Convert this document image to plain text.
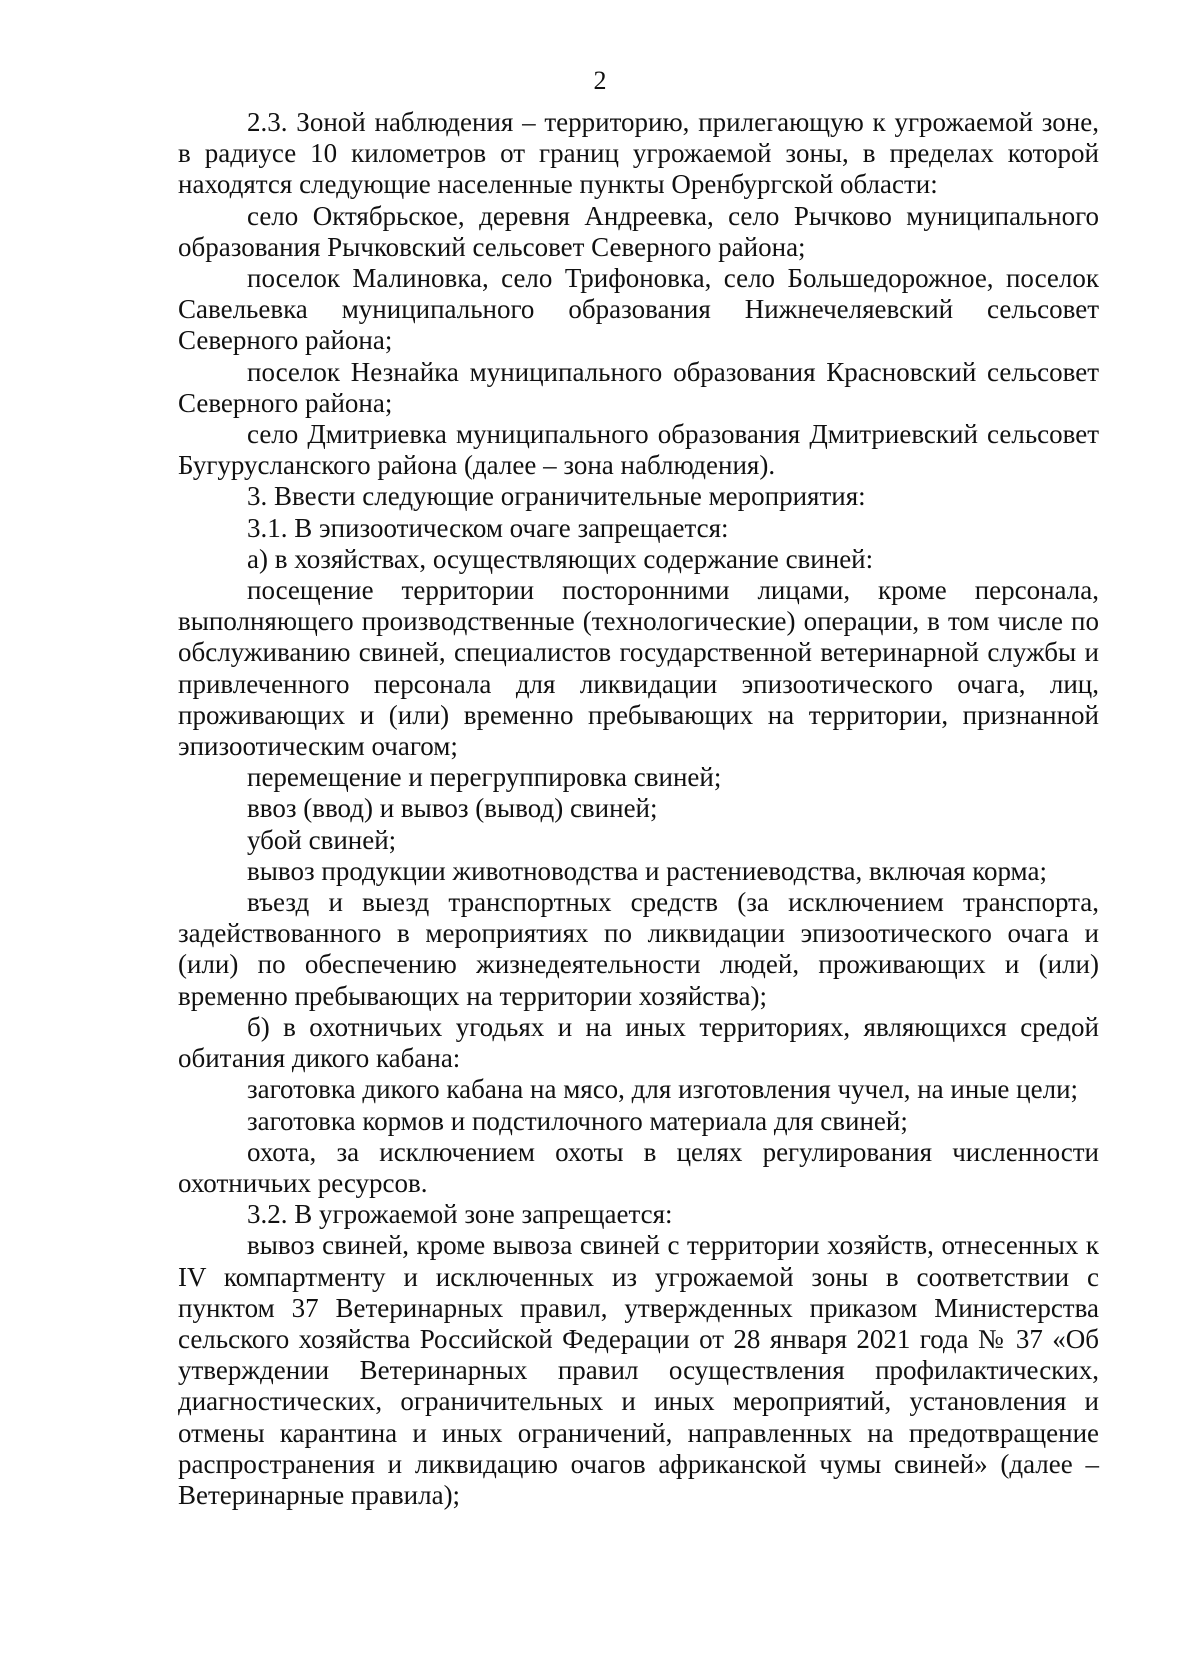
2

2.3. Зоной наблюдения – территорию, прилегающую к угрожаемой зоне, в радиусе 10 километров от границ угрожаемой зоны, в пределах которой находятся следующие населенные пункты Оренбургской области:

село Октябрьское, деревня Андреевка, село Рычково муниципального образования Рычковский сельсовет Северного района;

поселок Малиновка, село Трифоновка, село Большедорожное, поселок Савельевка муниципального образования Нижнечеляевский сельсовет Северного района;

поселок Незнайка муниципального образования Красновский сельсовет Северного района;

село Дмитриевка муниципального образования Дмитриевский сельсовет Бугурусланского района (далее – зона наблюдения).

3. Ввести следующие ограничительные мероприятия:

3.1. В эпизоотическом очаге запрещается:

а) в хозяйствах, осуществляющих содержание свиней:

посещение территории посторонними лицами, кроме персонала, выполняющего производственные (технологические) операции, в том числе по обслуживанию свиней, специалистов государственной ветеринарной службы и привлеченного персонала для ликвидации эпизоотического очага, лиц, проживающих и (или) временно пребывающих на территории, признанной эпизоотическим очагом;

перемещение и перегруппировка свиней;

ввоз (ввод) и вывоз (вывод) свиней;

убой свиней;

вывоз продукции животноводства и растениеводства, включая корма;

въезд и выезд транспортных средств (за исключением транспорта, задействованного в мероприятиях по ликвидации эпизоотического очага и (или) по обеспечению жизнедеятельности людей, проживающих и (или) временно пребывающих на территории хозяйства);

б) в охотничьих угодьях и на иных территориях, являющихся средой обитания дикого кабана:

заготовка дикого кабана на мясо, для изготовления чучел, на иные цели;

заготовка кормов и подстилочного материала для свиней;

охота, за исключением охоты в целях регулирования численности охотничьих ресурсов.

3.2. В угрожаемой зоне запрещается:

вывоз свиней, кроме вывоза свиней с территории хозяйств, отнесенных к IV компартменту и исключенных из угрожаемой зоны в соответствии с пунктом 37 Ветеринарных правил, утвержденных приказом Министерства сельского хозяйства Российской Федерации от 28 января 2021 года № 37 «Об утверждении Ветеринарных правил осуществления профилактических, диагностических, ограничительных и иных мероприятий, установления и отмены карантина и иных ограничений, направленных на предотвращение распространения и ликвидацию очагов африканской чумы свиней» (далее – Ветеринарные правила);
